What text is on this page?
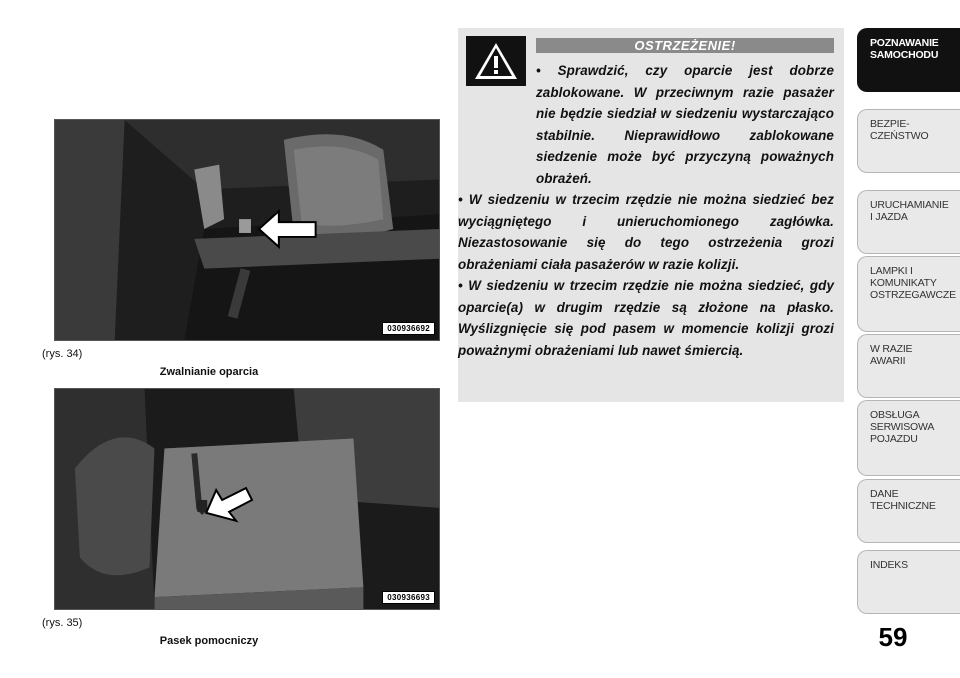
030936692
(rys. 34)
Zwalnianie oparcia
030936693
(rys. 35)
Pasek pomocniczy
OSTRZEŻENIE!

• Sprawdzić, czy oparcie jest dobrze zablokowane. W przeciwnym razie pasażer nie będzie siedział w siedzeniu wystarczająco stabilnie. Nieprawidłowo zablokowane siedzenie może być przyczyną poważnych obrażeń.

• W siedzeniu w trzecim rzędzie nie można siedzieć bez wyciągniętego i unieruchomionego zagłówka. Niezastosowanie się do tego ostrzeżenia grozi obrażeniami ciała pasażerów w razie kolizji.

• W siedzeniu w trzecim rzędzie nie można siedzieć, gdy oparcie(a) w drugim rzędzie są złożone na płasko. Wyślizgnięcie się pod pasem w momencie kolizji grozi poważnymi obrażeniami lub nawet śmiercią.

POZNAWANIE
SAMOCHODU
BEZPIE-
CZEŃSTWO
URUCHAMIANIE
I JAZDA
LAMPKI I
KOMUNIKATY
OSTRZEGAWCZE
W RAZIE
AWARII
OBSŁUGA
SERWISOWA
POJAZDU
DANE
TECHNICZNE
INDEKS
59
